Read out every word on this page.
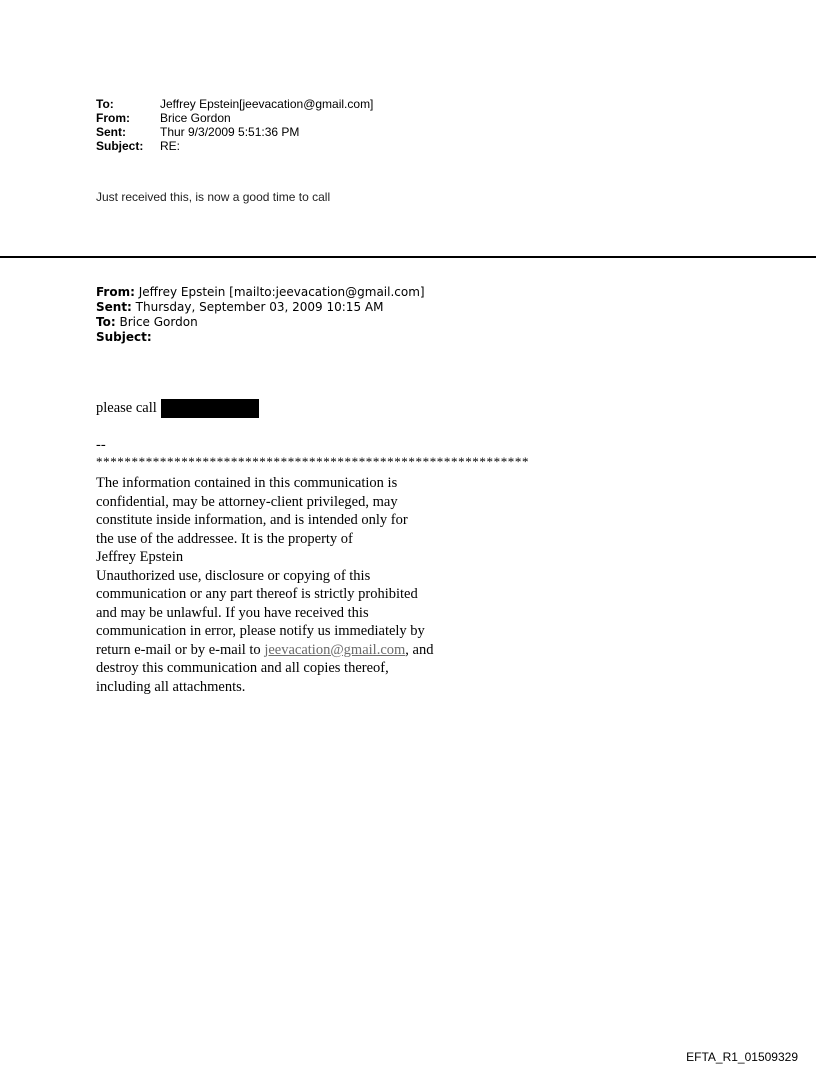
To:	Jeffrey Epstein[jeevacation@gmail.com]
From:	Brice Gordon
Sent:	Thur 9/3/2009 5:51:36 PM
Subject:	RE:
Just received this, is now a good time to call
From: Jeffrey Epstein [mailto:jeevacation@gmail.com]
Sent: Thursday, September 03, 2009 10:15 AM
To: Brice Gordon
Subject:
please call
--
*************************************************************
The information contained in this communication is
confidential, may be attorney-client privileged, may
constitute inside information, and is intended only for
the use of the addressee. It is the property of
Jeffrey Epstein
Unauthorized use, disclosure or copying of this
communication or any part thereof is strictly prohibited
and may be unlawful. If you have received this
communication in error, please notify us immediately by
return e-mail or by e-mail to jeevacation@gmail.com, and
destroy this communication and all copies thereof,
including all attachments.
EFTA_R1_01509329
